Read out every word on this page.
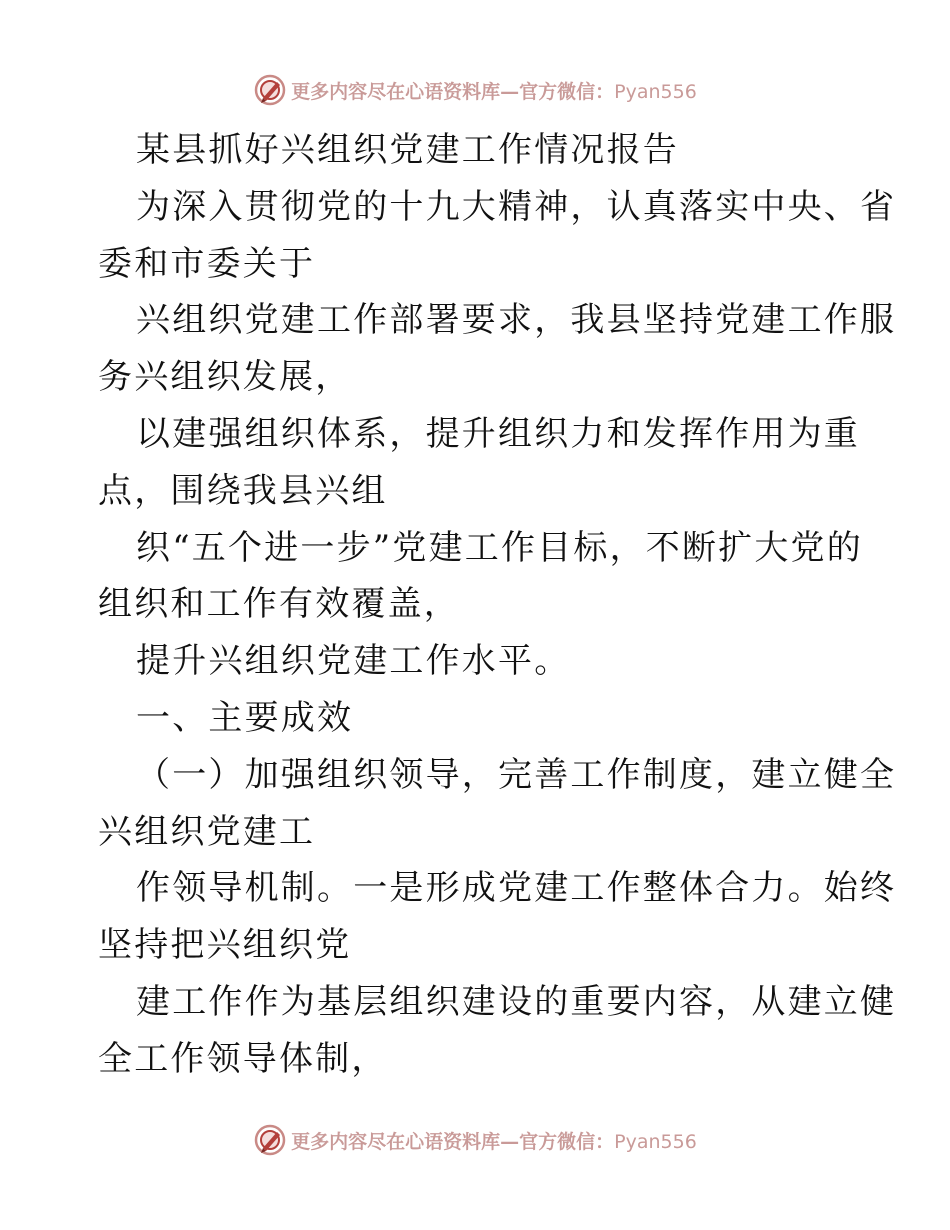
更多内容尽在心语资料库—官方微信：Pyan556
某县抓好兴组织党建工作情况报告
为深入贯彻党的十九大精神，认真落实中央、省
委和市委关于
兴组织党建工作部署要求，我县坚持党建工作服
务兴组织发展，
以建强组织体系，提升组织力和发挥作用为重
点，围绕我县兴组
织“五个进一步”党建工作目标，不断扩大党的
组织和工作有效覆盖，
提升兴组织党建工作水平。
一、主要成效
（一）加强组织领导，完善工作制度，建立健全
兴组织党建工
作领导机制。一是形成党建工作整体合力。始终
坚持把兴组织党
建工作作为基层组织建设的重要内容，从建立健
全工作领导体制，
更多内容尽在心语资料库—官方微信：Pyan556
